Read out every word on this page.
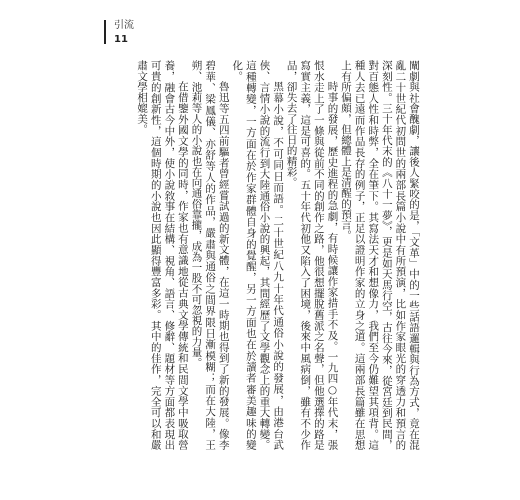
引流
11

闡劇與社會醜劇，讓後人緊咬的是，「文革」中的一些話語邏輯與行為方式，竟在混亂二十世紀代初問世的兩部長篇小說中有所預演，比如作家眼光的穿透力和預言的深刻性。三十年代末的《八十一夢》，更是如天馬行空，古往今來，從宮廷到民間，對百態人性和時弊，全在筆下。其寫法天才和想像力，我們至今仍難望其項背。這種人去已遠而作品長存的例子，正足以證明作家的立身之道。這兩部長篇雖在思想上有所偏頗，但總體上是清醒的預言。

時事的發展，歷史進程的急劇，有時候讓作家措手不及。一九四○年代末，張恨水走上了一條與從前不同的創作之路，他很想擺脫舊派之名聲，但他選擇的路是寫實主義，這是可喜的。五十年代初他又陷入了困境，後來中風病倒，雖有不少作品，卻失去了往日的精彩。

黑幕小說，不可同日而語。二十世紀八九十年代通俗小說的發展，由港台武俠、言情小說的流行到大陸通俗小說的興起，其間經歷了文學觀念上的重大轉變。這種轉變，一方面在於作家群體自身的覺醒，另一方面也在於讀者審美趣味的變化。

魯迅等五四前驅者曾經嘗試過的新文體，在這一時期也得到了新的發展。像李碧華、梁鳳儀、亦舒等人的作品，嚴肅與通俗之間界限日漸模糊；而在大陸，王朔、池莉等人的小說也在向通俗靠攏，成為一股不可忽視的力量。

在借鑒外國文學的同時，作家也有意識地從古典文學傳統和民間文學中吸取營養，融會古今中外，使小說敘事在結構、視角、語言、修辭、題材等方面都表現出可貴的創新性，這個時期的小說也因此顯得豐富多彩。其中的佳作，完全可以和嚴肅文學相媲美。
